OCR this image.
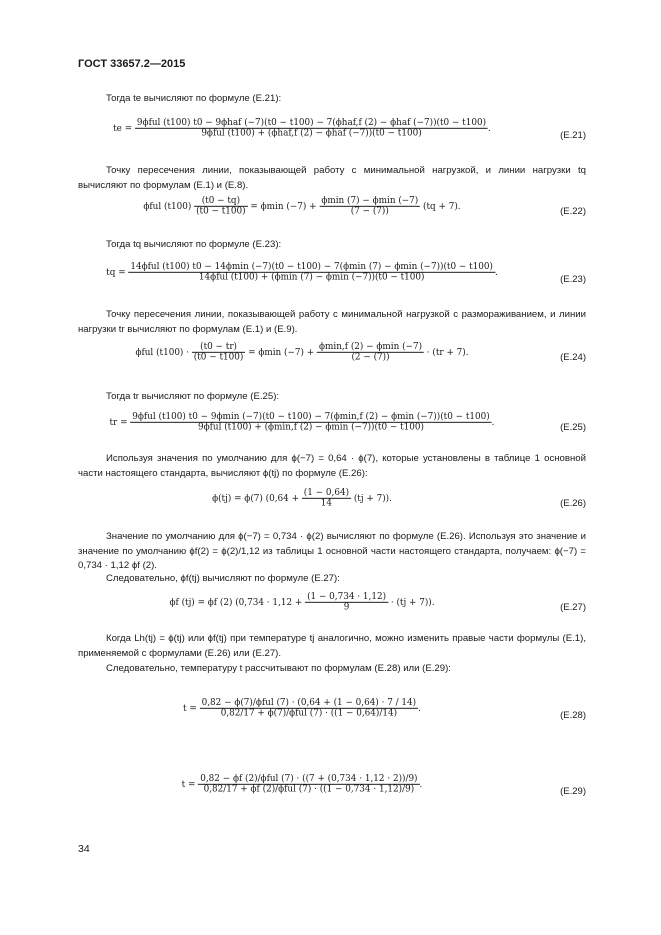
ГОСТ 33657.2—2015
Тогда te вычисляют по формуле (Е.21):
te =
9ϕful (t100) t0 − 9ϕhaf (−7)(t0 − t100) − 7(ϕhaf,f (2) − ϕhaf (−7))(t0 − t100)
9ϕful (t100) + (ϕhaf,f (2) − ϕhaf (−7))(t0 − t100)	.
(Е.21)
Точку пересечения линии, показывающей работу с минимальной нагрузкой, и линии нагрузки tq вычисляют по формулам (Е.1) и (Е.8).
ϕful $(t100) \frac{(t0 - tq)}{(t0 - t100)} = \phi\min$ $(-7) + \frac{\phi\min (7) - \phi\min (-7)}{(7 - (7))} (tq + 7)$.	(Е.22)
Тогда tq вычисляют по формуле (Е.23):
tq =
14ϕful (t100) t0 − 14ϕmin (−7)(t0 − t100) − 7(ϕmin (7) − ϕmin (−7))(t0 − t100)
14ϕful (t100) + (ϕmin (7) − ϕmin (−7))(t0 − t100)	.
(Е.23)
Точку пересечения линии, показывающей работу с минимальной нагрузкой с размораживанием, и линии нагрузки tr вычисляют по формулам (Е.1) и (Е.9).
ϕful $(t100) \cdot \frac{(t0 - tr)}{(t0 - t100)} = \phi\min$ $(-7) + \frac{\phi\min,f (2) - \phi\min (-7)}{(2 - (7))} \cdot (tr + 7)$.	(Е.24)
Тогда tr вычисляют по формуле (Е.25):
tr =
9ϕful (t100) t0 − 9ϕmin (−7)(t0 − t100) − 7(ϕmin,f (2) − ϕmin (−7))(t0 − t100)
9ϕful (t100) + (ϕmin,f (2) − ϕmin (−7))(t0 − t100)	.	(Е.25)
Используя значения по умолчанию для ϕ(−7) = 0,64 · ϕ(7), которые установлены в таблице 1 основной части настоящего стандарта, вычисляют ϕ(tj) по формуле (Е.26):
ϕ(tj) = ϕ(7) $(0,64 + \frac{(1 - 0,64)}{14} (tj + 7))$.	(Е.26)
Значение по умолчанию для ϕ(−7) = 0,734 · ϕ(2) вычисляют по формуле (Е.26). Используя это значение и значение по умолчанию ϕf(2) = ϕ(2)/1,12 из таблицы 1 основной части настоящего стандарта, получаем: ϕ(−7) = 0,734 · 1,12 ϕf (2).
Следовательно, ϕf(tj) вычисляют по формуле (Е.27):
ϕf (tj) = ϕf (2) $(0,734 \cdot 1,12 + \frac{(1 - 0,734 \cdot 1,12)}{9} \cdot (tj + 7))$.	(Е.27)
Когда Lh(tj) = ϕ(tj) или ϕf(tj) при температуре tj аналогично, можно изменить правые части формулы (Е.1), применяемой с формулами (Е.26) или (Е.27).
Следовательно, температуру t рассчитывают по формулам (Е.28) или (Е.29):
$t = \frac{\text{0,82 − ϕ(7)/ϕful (7) · (0,64 + (1 − 0,64) · 7 / 14)}}{\text{0,82/17 + ϕ(7)/ϕful (7) · ((1 − 0,64)/14)}}$ .
(Е.28)
$t = \frac{\text{0,82 − ϕf (2)/ϕful (7) · ((7 + (0,734 · 1,12 · 2))/9)}}{\text{0,82/17 + ϕf (2)/ϕful (7) · ((1 − 0,734 · 1,12)/9)}}$ .
(Е.29)
34
